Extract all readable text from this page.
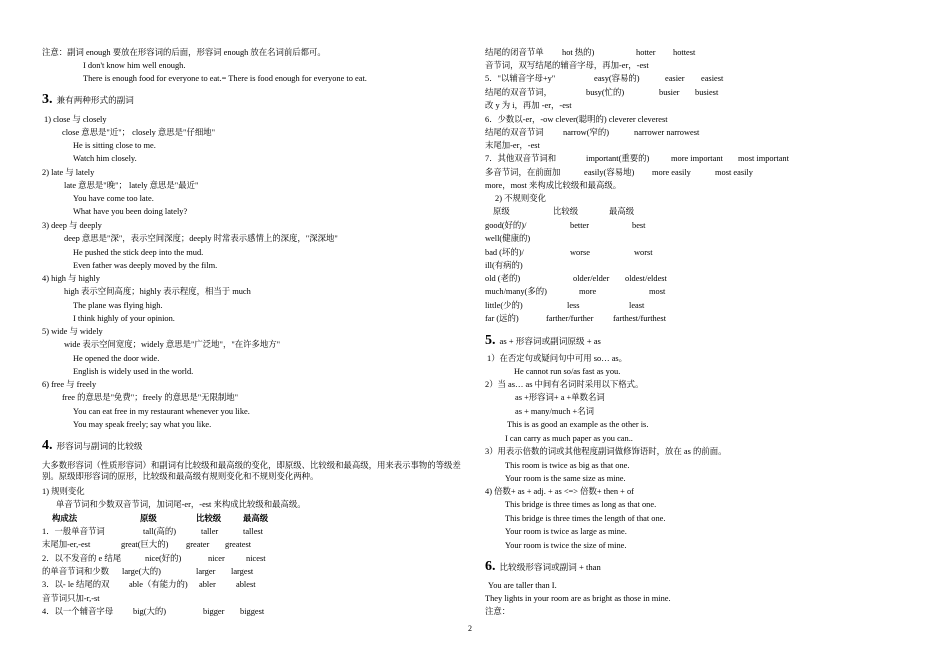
注意：副词 enough 要放在形容词的后面，形容词 enough 放在名词前后都可。
I don't know him well enough.
There is enough food for everyone to eat.= There is food enough for everyone to eat.
3. 兼有两种形式的副词
1) close 与 closely
close 意思是"近"； closely 意思是"仔细地"
He is sitting close to me.
Watch him closely.
2) late 与 lately
late 意思是"晚"； lately 意思是"最近"
You have come too late.
What have you been doing lately?
3) deep 与 deeply
deep 意思是"深"，表示空间深度；deeply 时常表示感情上的深度，"深深地"
He pushed the stick deep into the mud.
Even father was deeply moved by the film.
4) high 与 highly
high 表示空间高度；highly 表示程度，相当于 much
The plane was flying high.
I think highly of your opinion.
5) wide 与 widely
wide 表示空间宽度；widely 意思是"广泛地"，"在许多地方"
He opened the door wide.
English is widely used in the world.
6) free 与 freely
free 的意思是"免费"；freely 的意思是"无限制地"
You can eat free in my restaurant whenever you like.
You may speak freely; say what you like.
4. 形容词与副词的比较级
大多数形容词（性质形容词）和副词有比较级和最高级的变化，即原级、比较级和最高级，用来表示事物的等级差别。原级即形容词的原形，比较级和最高级有规则变化和不规则变化两种。
1) 规则变化
单音节词和少数双音节词，加词尾-er，-est 来构成比较级和最高级。
构成法	原级	比较级	最高级
1．一般单音节词	tall(高的)	taller	tallest
末尾加-er,-est	great(巨大的) greater greatest
2．以不发音的 e 结尾	nice(好的)	nicer	nicest
的单音节词和少数 large(大的)	larger largest
3．以- le 结尾的双 able（有能力的) abler ablest
音节词只加-r,-st
4．以一个辅音字母 big(大的)	bigger biggest
结尾的闭音节单 hot 热的)	hotter hottest
音节词，双写结尾的辅音字母，再加-er，-est
5．"以辅音字母+y"	easy(容易的)	easier easiest
结尾的双音节词，	busy(忙的)	busier busiest
改 y 为 i，再加 -er，-est
6．少数以-er，-ow clever(聪明的) cleverer cleverest
结尾的双音节词 narrow(窄的)	narrower narrowest
末尾加-er，-est
7．其他双音节词和	important(重要的)	more important most important
多音节词，在前面加	easily(容易地) more easily	most easily
more，most 来构成比较级和最高级。
2) 不规则变化
原级	比较级	最高级
good(好的)/	better	best
well(健康的)
bad (坏的)/	worse	worst
ill(有病的)
old (老的)	older/elder oldest/eldest
much/many(多的)	more	most
little(少的)	less	least
far (远的)	farther/further farthest/furthest
5. as + 形容词或副词原级 + as
1）在否定句或疑问句中可用 so… as。
He cannot run so/as fast as you.
2）当 as… as 中间有名词时采用以下格式。
as +形容词+ a +单数名词
as + many/much +名词
This is as good an example as the other is.
I can carry as much paper as you can..
3）用表示倍数的词或其他程度副词做修饰语时，放在 as 的前面。
This room is twice as big as that one.
Your room is the same size as mine.
4) 倍数+ as + adj. + as <=> 倍数+ then + of
This bridge is three times as long as that one.
This bridge is three times the length of that one.
Your room is twice as large as mine.
Your room is twice the size of mine.
6. 比较级形容词或副词 + than
You are taller than I.
They lights in your room are as bright as those in mine.
注意：
2
